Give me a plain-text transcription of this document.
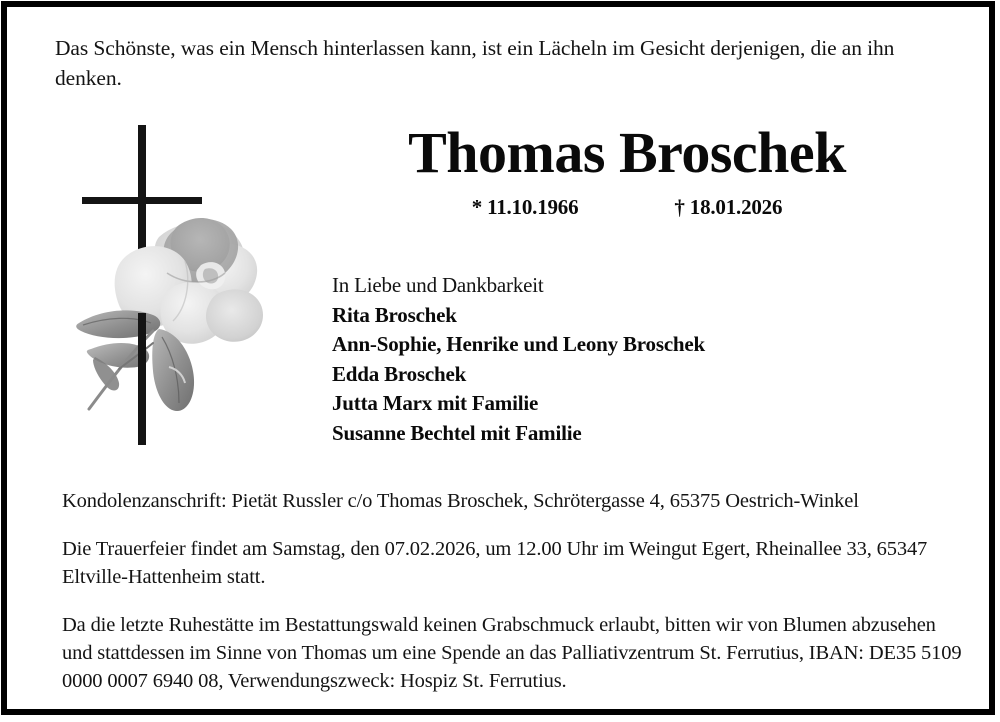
Das Schönste, was ein Mensch hinterlassen kann, ist ein Lächeln im Gesicht derjenigen, die an ihn denken.
Thomas Broschek
* 11.10.1966	† 18.01.2026
In Liebe und Dankbarkeit
Rita Broschek
Ann-Sophie, Henrike und Leony Broschek
Edda Broschek
Jutta Marx mit Familie
Susanne Bechtel mit Familie
Kondolenzanschrift: Pietät Russler c/o Thomas Broschek, Schrötergasse 4, 65375 Oestrich-Winkel
Die Trauerfeier findet am Samstag, den 07.02.2026, um 12.00 Uhr im Weingut Egert, Rheinallee 33, 65347 Eltville-Hattenheim statt.
Da die letzte Ruhestätte im Bestattungswald keinen Grabschmuck erlaubt, bitten wir von Blumen abzusehen und stattdessen im Sinne von Thomas um eine Spende an das Palliativzentrum St. Ferrutius, IBAN: DE35 5109 0000 0007 6940 08, Verwendungszweck: Hospiz St. Ferrutius.
